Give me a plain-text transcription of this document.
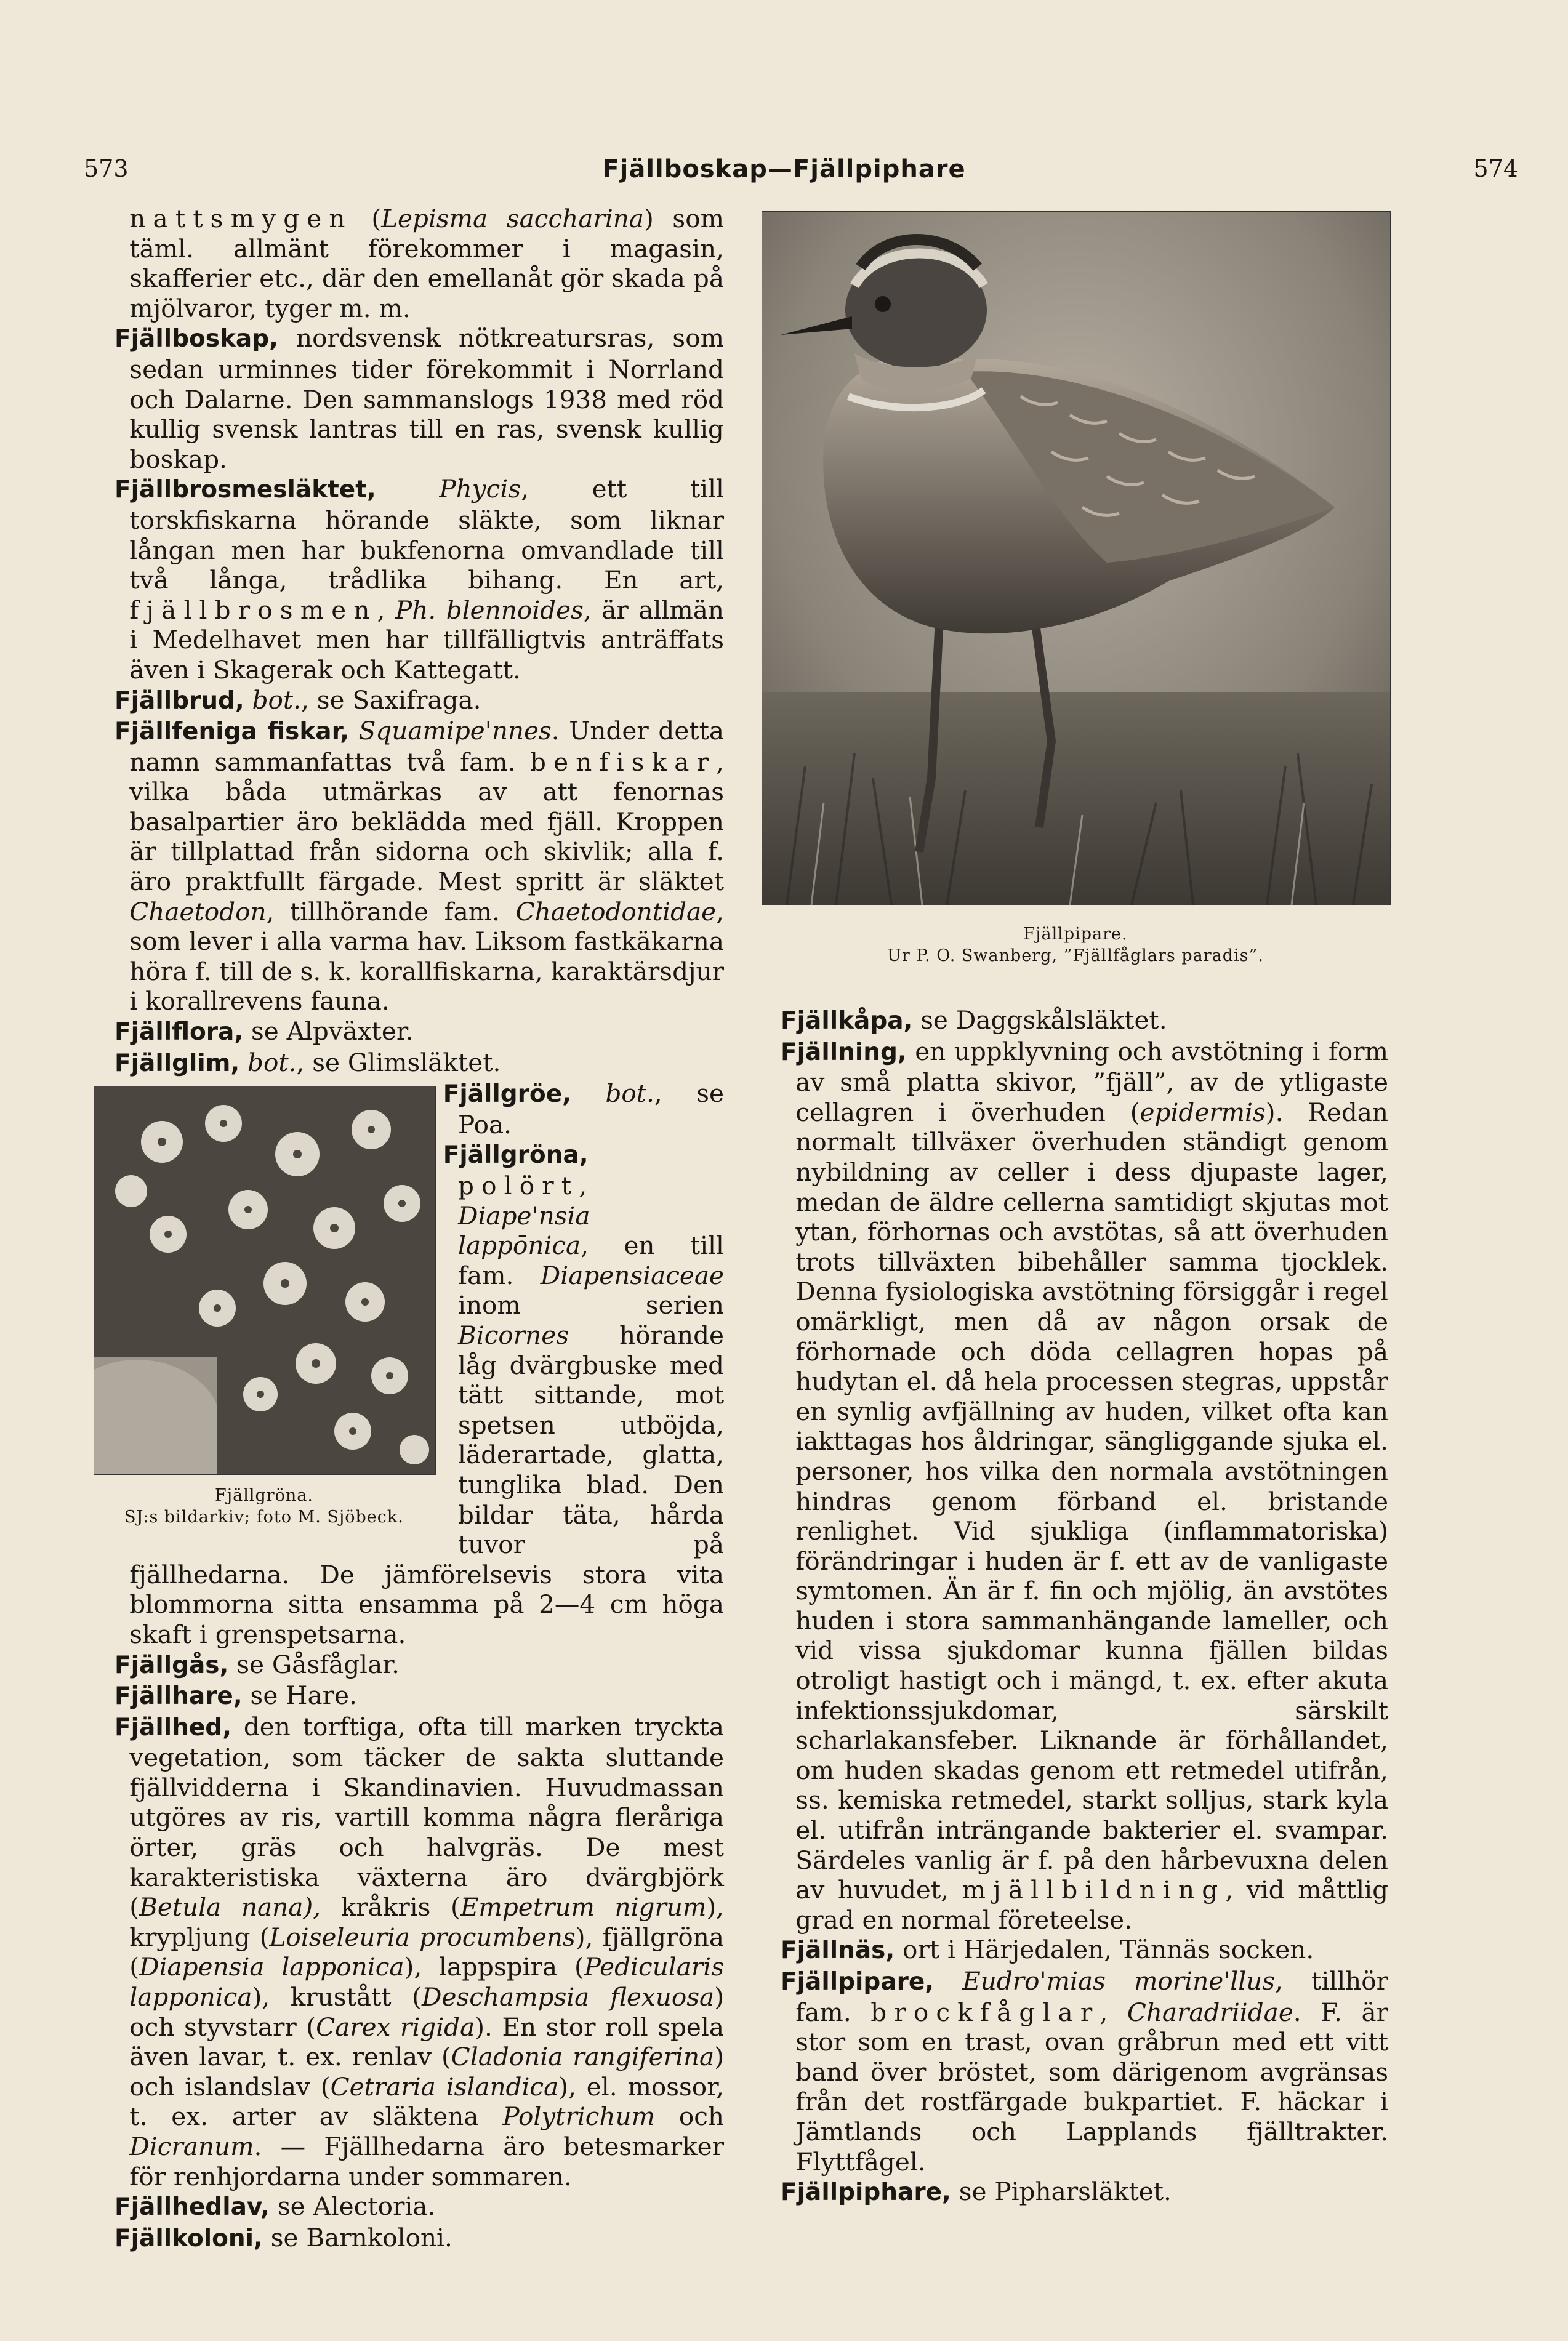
573	Fjällboskap—Fjällpiphare	574
Fjällpipare.
Ur P. O. Swanberg, ”Fjällfåglars paradis”.

nattsmygen (Lepisma saccharina) som täml. allmänt förekommer i magasin, skafferier etc., där den emellanåt gör skada på mjölvaror, tyger m. m.

Fjällboskap, nordsvensk nötkreatursras, som sedan urminnes tider förekommit i Norrland och Dalarne. Den sammanslogs 1938 med röd kullig svensk lantras till en ras, svensk kullig boskap.

Fjällbrosmesläktet,	Phycis, ett till torskfiskarna hörande släkte, som liknar långan men har bukfenorna omvandlade till två långa, trådlika bihang. En art, fjällbrosmen, Ph. blennoides, är allmän i Medelhavet men har tillfälligtvis anträffats även i Skagerak och Kattegatt.

Fjällbrud, bot., se Saxifraga.

Fjällfeniga fiskar, Squamipe'nnes. Under detta namn sammanfattas två fam. benfiskar, vilka båda utmärkas av att fenornas basalpartier äro beklädda med fjäll. Kroppen är tillplattad från sidorna och skivlik; alla f. äro praktfullt färgade. Mest spritt är släktet Chaetodon, tillhörande fam. Chaetodontidae, som lever i alla varma hav. Liksom fastkäkarna höra f. till de s. k. korallfiskarna, karaktärsdjur i korallrevens fauna.

Fjällflora, se Alpväxter.

Fjällglim, bot., se Glimsläktet.

Fjällgröna.
SJ:s bildarkiv; foto M. Sjöbeck.

Fjällgröe, bot., se Poa.

Fjällgröna, polört, Diape'nsia lappōnica, en till fam. Diapensiaceae inom serien Bicornes hörande låg dvärgbuske med tätt sittande, mot spetsen utböjda, läderartade, glatta, tunglika blad. Den bildar täta, hårda tuvor på fjällhedarna. De jämförelsevis stora vita blommorna sitta ensamma på 2—4 cm höga skaft i grenspetsarna.

Fjällgås, se Gåsfåglar.

Fjällhare, se Hare.

Fjällhed, den torftiga, ofta till marken tryckta vegetation, som täcker de sakta sluttande fjällvidderna i Skandinavien. Huvudmassan utgöres av ris, vartill komma några fleråriga örter, gräs och halvgräs. De mest karakteristiska växterna äro dvärgbjörk (Betula nana), kråkris (Empetrum nigrum), krypljung (Loiseleuria procumbens), fjällgröna (Diapensia lapponica), lappspira (Pedicularis lapponica), krustått (Deschampsia flexuosa) och styvstarr (Carex rigida). En stor roll spela även lavar, t. ex. renlav (Cladonia rangiferina) och islandslav (Cetraria islandica), el. mossor, t. ex. arter av släktena Polytrichum och Dicranum. — Fjällhedarna äro betesmarker för renhjordarna under sommaren.

Fjällhedlav, se Alectoria.

Fjällkoloni, se Barnkoloni.

Fjällkåpa, se Daggskålsläktet.

Fjällning, en uppklyvning och avstötning i form av små platta skivor, ”fjäll”, av de ytligaste cellagren i överhuden (epidermis). Redan normalt tillväxer överhuden ständigt genom nybildning av celler i dess djupaste lager, medan de äldre cellerna samtidigt skjutas mot ytan, förhornas och avstötas, så att överhuden trots tillväxten bibehåller samma tjocklek. Denna fysiologiska avstötning försiggår i regel omärkligt, men då av någon orsak de förhornade och döda cellagren hopas på hudytan el. då hela processen stegras, uppstår en synlig avfjällning av huden, vilket ofta kan iakttagas hos åldringar, sängliggande sjuka el. personer, hos vilka den normala avstötningen hindras genom förband el. bristande renlighet. Vid sjukliga (inflammatoriska) förändringar i huden är f. ett av de vanligaste symtomen. Än är f. fin och mjölig, än avstötes huden i stora sammanhängande lameller, och vid vissa sjukdomar kunna fjällen bildas otroligt hastigt och i mängd, t. ex. efter akuta infektionssjukdomar, särskilt scharlakansfeber. Liknande är förhållandet, om huden skadas genom ett retmedel utifrån, ss. kemiska retmedel, starkt solljus, stark kyla el. utifrån inträngande bakterier el. svampar. Särdeles vanlig är f. på den hårbevuxna delen av huvudet, mjällbildning, vid måttlig grad en normal företeelse.

Fjällnäs, ort i Härjedalen, Tännäs socken.

Fjällpipare, Eudro'mias morine'llus, tillhör fam. brockfåglar, Charadriidae. F. är stor som en trast, ovan gråbrun med ett vitt band över bröstet, som därigenom avgränsas från det rostfärgade bukpartiet. F. häckar i Jämtlands och Lapplands fjälltrakter. Flyttfågel.

Fjällpiphare, se Pipharsläktet.
